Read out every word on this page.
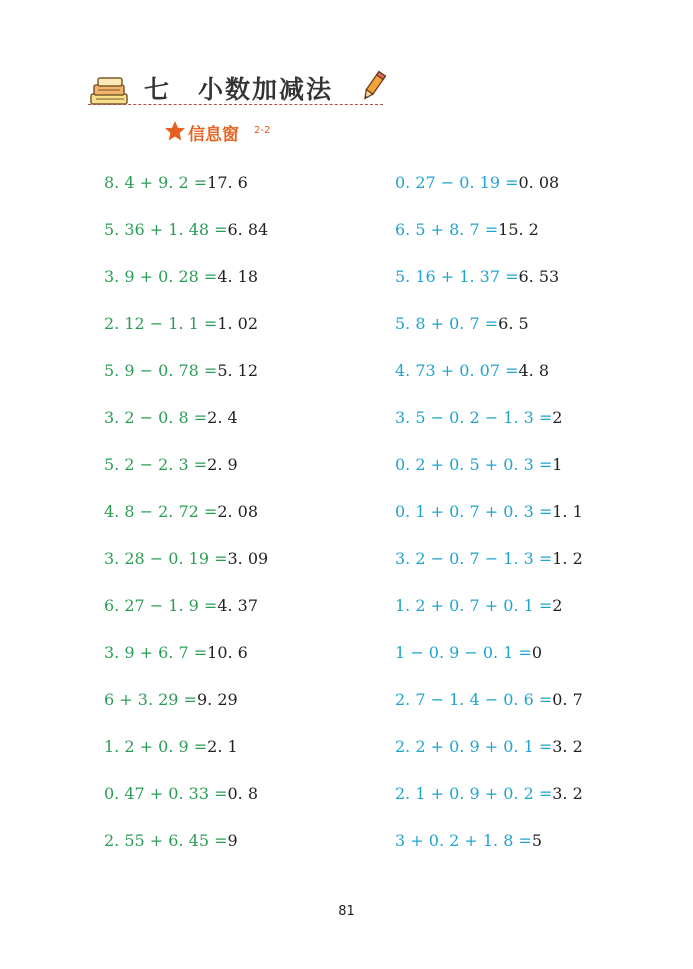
七　小数加减法
信息窗 2-2
8. 4 + 9. 2 =17. 6
5. 36 + 1. 48 =6. 84
3. 9 + 0. 28 =4. 18
2. 12 − 1. 1 =1. 02
5. 9 − 0. 78 =5. 12
3. 2 − 0. 8 =2. 4
5. 2 − 2. 3 =2. 9
4. 8 − 2. 72 =2. 08
3. 28 − 0. 19 =3. 09
6. 27 − 1. 9 =4. 37
3. 9 + 6. 7 =10. 6
6 + 3. 29 =9. 29
1. 2 + 0. 9 =2. 1
0. 47 + 0. 33 =0. 8
2. 55 + 6. 45 =9
0. 27 − 0. 19 =0. 08
6. 5 + 8. 7 =15. 2
5. 16 + 1. 37 =6. 53
5. 8 + 0. 7 =6. 5
4. 73 + 0. 07 =4. 8
3. 5 − 0. 2 − 1. 3 =2
0. 2 + 0. 5 + 0. 3 =1
0. 1 + 0. 7 + 0. 3 =1. 1
3. 2 − 0. 7 − 1. 3 =1. 2
1. 2 + 0. 7 + 0. 1 =2
1 − 0. 9 − 0. 1 =0
2. 7 − 1. 4 − 0. 6 =0. 7
2. 2 + 0. 9 + 0. 1 =3. 2
2. 1 + 0. 9 + 0. 2 =3. 2
3 + 0. 2 + 1. 8 =5
81
